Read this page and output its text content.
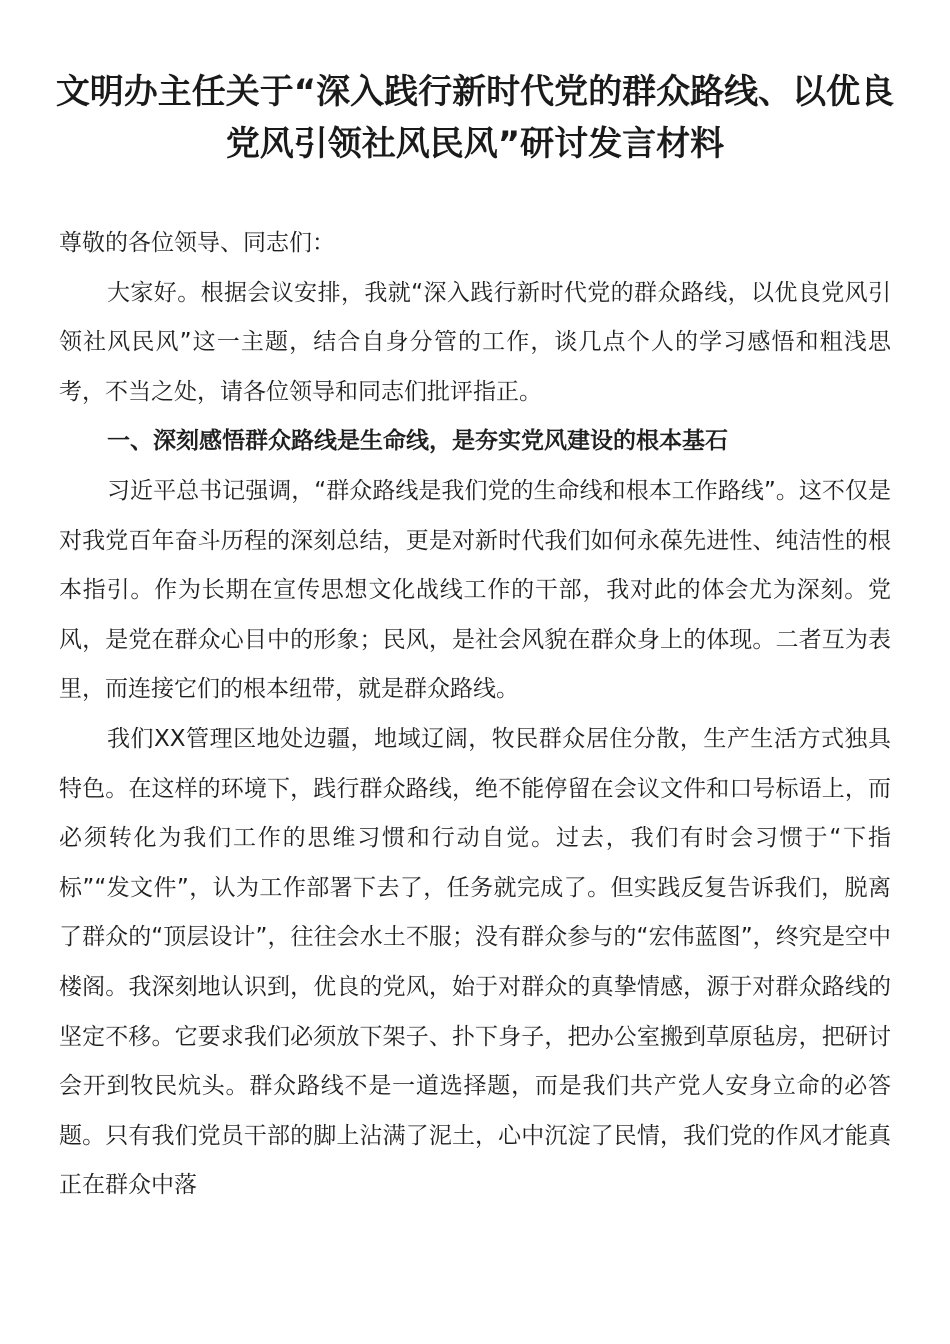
文明办主任关于“深入践行新时代党的群众路线、以优良党风引领社风民风”研讨发言材料

尊敬的各位领导、同志们：

大家好。根据会议安排，我就“深入践行新时代党的群众路线，以优良党风引领社风民风”这一主题，结合自身分管的工作，谈几点个人的学习感悟和粗浅思考，不当之处，请各位领导和同志们批评指正。

一、深刻感悟群众路线是生命线，是夯实党风建设的根本基石

习近平总书记强调，“群众路线是我们党的生命线和根本工作路线”。这不仅是对我党百年奋斗历程的深刻总结，更是对新时代我们如何永葆先进性、纯洁性的根本指引。作为长期在宣传思想文化战线工作的干部，我对此的体会尤为深刻。党风，是党在群众心目中的形象；民风，是社会风貌在群众身上的体现。二者互为表里，而连接它们的根本纽带，就是群众路线。

我们XX管理区地处边疆，地域辽阔，牧民群众居住分散，生产生活方式独具特色。在这样的环境下，践行群众路线，绝不能停留在会议文件和口号标语上，而必须转化为我们工作的思维习惯和行动自觉。过去，我们有时会习惯于“下指标”“发文件”，认为工作部署下去了，任务就完成了。但实践反复告诉我们，脱离了群众的“顶层设计”，往往会水土不服；没有群众参与的“宏伟蓝图”，终究是空中楼阁。我深刻地认识到，优良的党风，始于对群众的真挚情感，源于对群众路线的坚定不移。它要求我们必须放下架子、扑下身子，把办公室搬到草原毡房，把研讨会开到牧民炕头。群众路线不是一道选择题，而是我们共产党人安身立命的必答题。只有我们党员干部的脚上沾满了泥土，心中沉淀了民情，我们党的作风才能真正在群众中落
